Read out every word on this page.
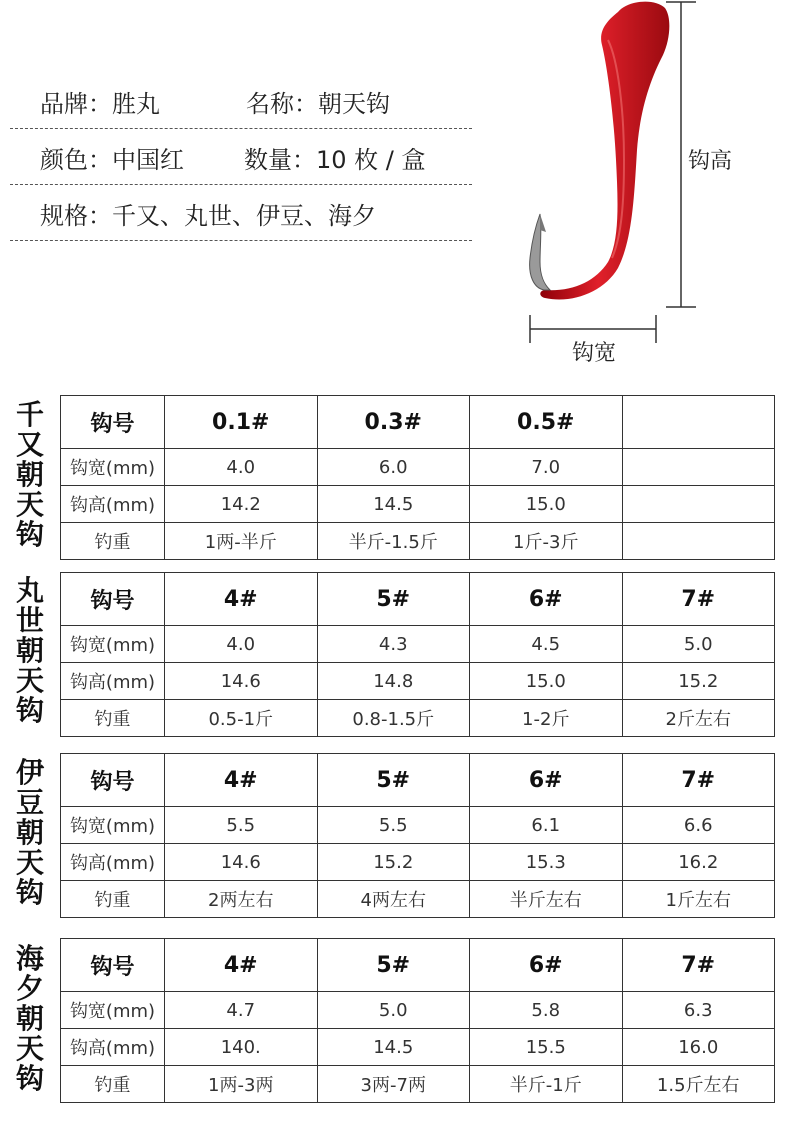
品牌：胜丸	名称：朝天钩
颜色：中国红	数量：10 枚 / 盒
规格：千又、丸世、伊豆、海夕
钩高
钩宽
千
又
朝
天
钩
钩号	0.1#	0.3#	0.5#	
钩宽(mm)	4.0	6.0	7.0	
钩高(mm)	14.2	14.5	15.0	
钓重	1两-半斤	半斤-1.5斤	1斤-3斤	
丸
世
朝
天
钩
钩号	4#	5#	6#	7#
钩宽(mm)	4.0	4.3	4.5	5.0
钩高(mm)	14.6	14.8	15.0	15.2
钓重	0.5-1斤	0.8-1.5斤	1-2斤	2斤左右
伊
豆
朝
天
钩
钩号	4#	5#	6#	7#
钩宽(mm)	5.5	5.5	6.1	6.6
钩高(mm)	14.6	15.2	15.3	16.2
钓重	2两左右	4两左右	半斤左右	1斤左右
海
夕
朝
天
钩
钩号	4#	5#	6#	7#
钩宽(mm)	4.7	5.0	5.8	6.3
钩高(mm)	140.	14.5	15.5	16.0
钓重	1两-3两	3两-7两	半斤-1斤	1.5斤左右
